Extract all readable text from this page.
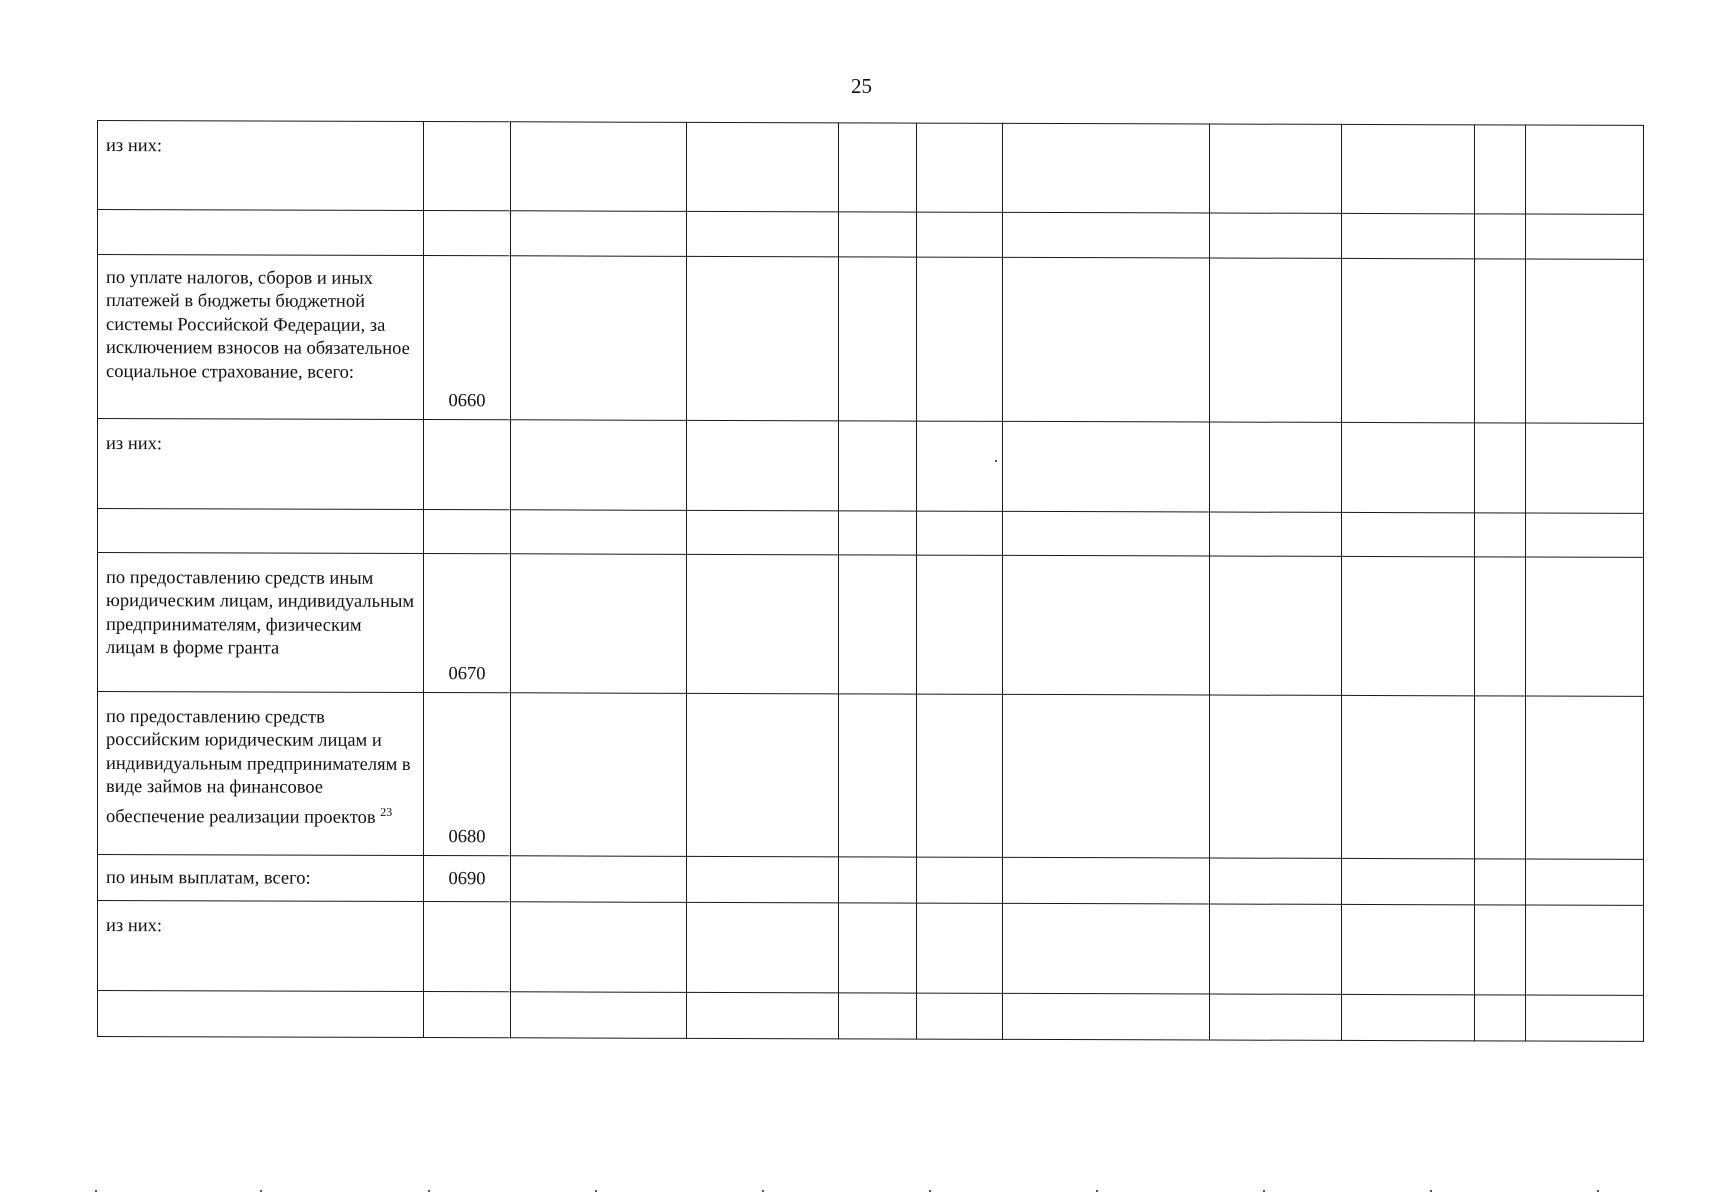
25
из них:										

по уплате налогов, сборов и иных платежей в бюджеты бюджетной системы Российской Федерации, за исключением взносов на обязательное социальное страхование, всего:	0660									
из них:										

по предоставлению средств иным юридическим лицам, индивидуальным предпринимателям, физическим лицам в форме гранта	0670									
по предоставлению средств российским юридическим лицам и индивидуальным предпринимателям в виде займов на финансовое обеспечение реализации проектов $^{23}$	0680									
по иным выплатам, всего:	0690									
из них:										
